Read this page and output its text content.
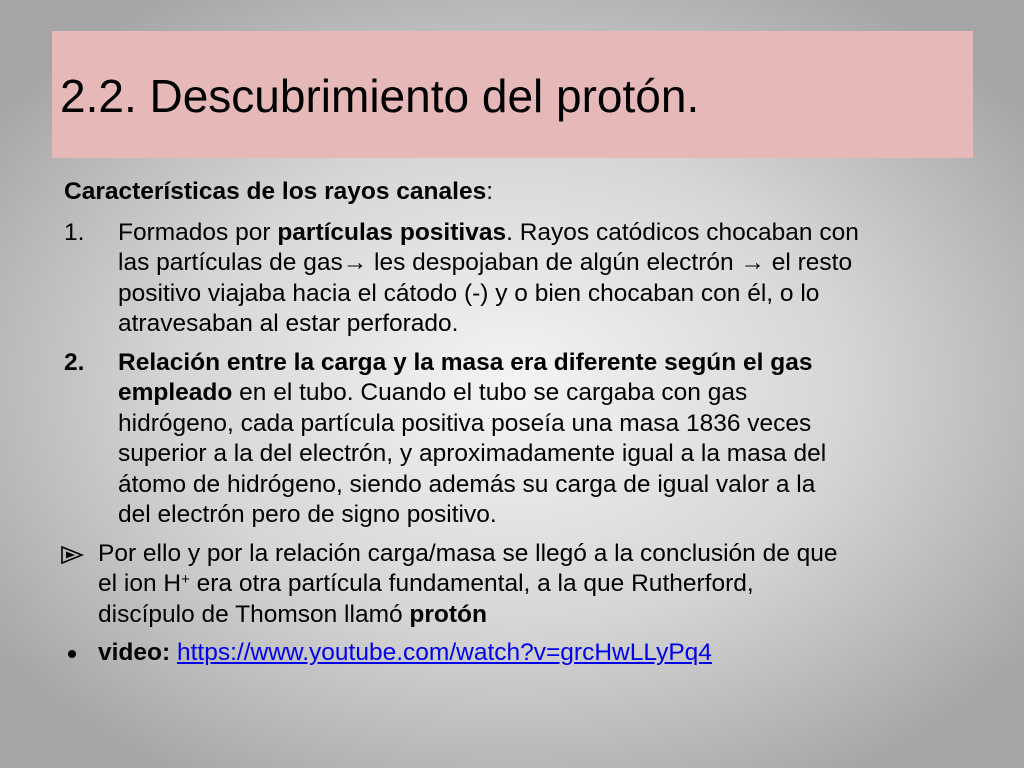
2.2. Descubrimiento del protón.

Características de los rayos canales:

1. Formados por partículas positivas. Rayos catódicos chocaban con
las partículas de gas→ les despojaban de algún electrón → el resto
positivo viajaba hacia el cátodo (-) y o bien chocaban con él, o lo
atravesaban al estar perforado.
2. Relación entre la carga y la masa era diferente según el gas
empleado en el tubo. Cuando el tubo se cargaba con gas
hidrógeno, cada partícula positiva poseía una masa 1836 veces
superior a la del electrón, y aproximadamente igual a la masa del
átomo de hidrógeno, siendo además su carga de igual valor a la
del electrón pero de signo positivo.
Por ello y por la relación carga/masa se llegó a la conclusión de que
el ion H+ era otra partícula fundamental, a la que Rutherford,
discípulo de Thomson llamó protón
video: https://www.youtube.com/watch?v=grcHwLLyPq4
